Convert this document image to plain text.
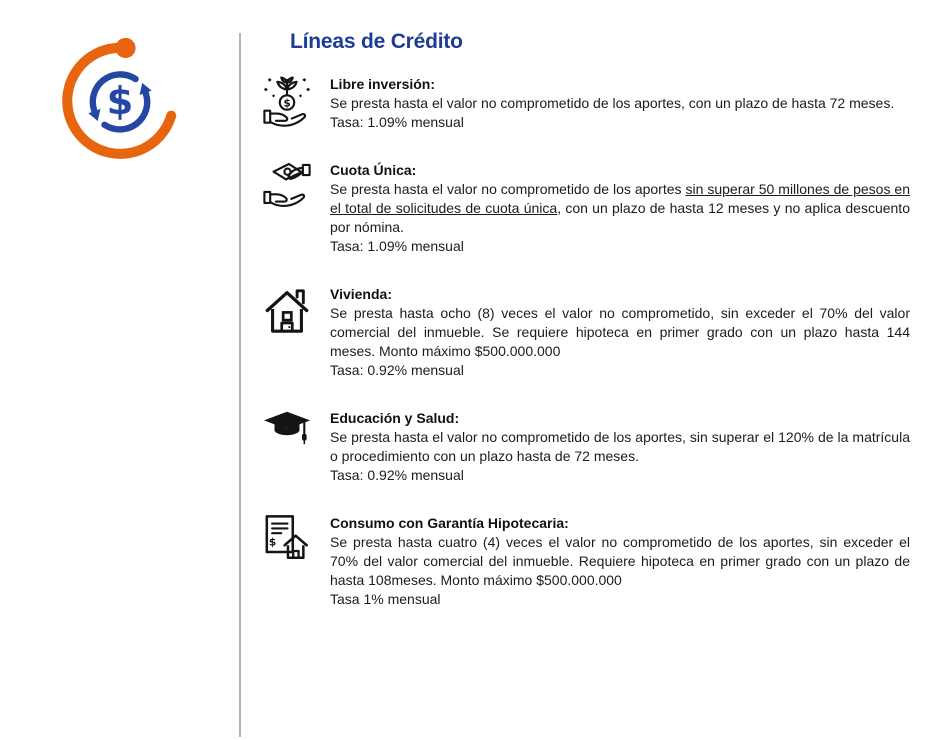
$
Líneas de Crédito
$
Libre inversión:
Se presta hasta el valor no comprometido de los aportes, con un plazo de hasta 72 meses.
Tasa: 1.09% mensual
Cuota Única:
Se presta hasta el valor no comprometido de los aportes sin superar 50 millones de pesos en el total de solicitudes de cuota única, con un plazo de hasta 12 meses y no aplica descuento por nómina.
Tasa: 1.09% mensual
Vivienda:
Se presta hasta ocho (8) veces el valor no comprometido, sin exceder el 70% del valor comercial del inmueble. Se requiere hipoteca en primer grado con un plazo hasta 144 meses. Monto máximo $500.000.000
Tasa: 0.92% mensual
Educación y Salud:
Se presta hasta el valor no comprometido de los aportes, sin superar el 120% de la matrícula o procedimiento con un plazo hasta de 72 meses.
Tasa: 0.92% mensual
$
Consumo con Garantía Hipotecaria:
Se presta hasta cuatro (4) veces el valor no comprometido de los aportes, sin exceder el 70% del valor comercial del inmueble. Requiere hipoteca en primer grado con un plazo de hasta 108meses. Monto máximo $500.000.000
Tasa 1% mensual
